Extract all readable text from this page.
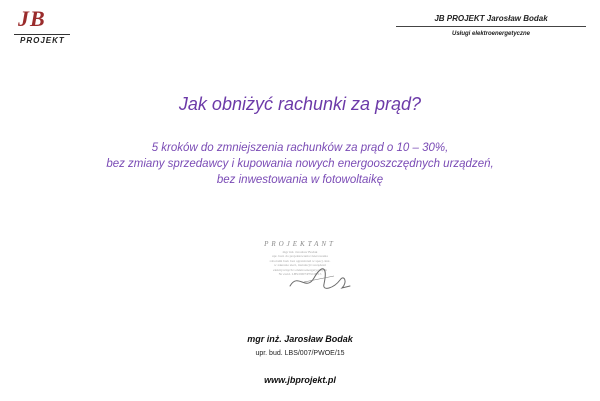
JB
PROJEKT
JB PROJEKT Jarosław Bodak
Usługi elektroenergetyczne
Jak obniżyć rachunki za prąd?
5 kroków do zmniejszenia rachunków za prąd o 10 – 30%,
bez zmiany sprzedawcy i kupowania nowych energooszczędnych urządzeń,
bez inwestowania w fotowoltaikę
PROJEKTANT
mgr inż. Jarosław Bodak
upr. bud. do projektowania i kierowania
robotami bud. bez ograniczeń w specj. inst.
w zakresie sieci, instalacji i urządzeń
elektrycznych i elektroenergetycznych
Nr ewid. LBS/0007/PWOE/15
mgr inż. Jarosław Bodak
upr. bud. LBS/007/PWOE/15
www.jbprojekt.pl
